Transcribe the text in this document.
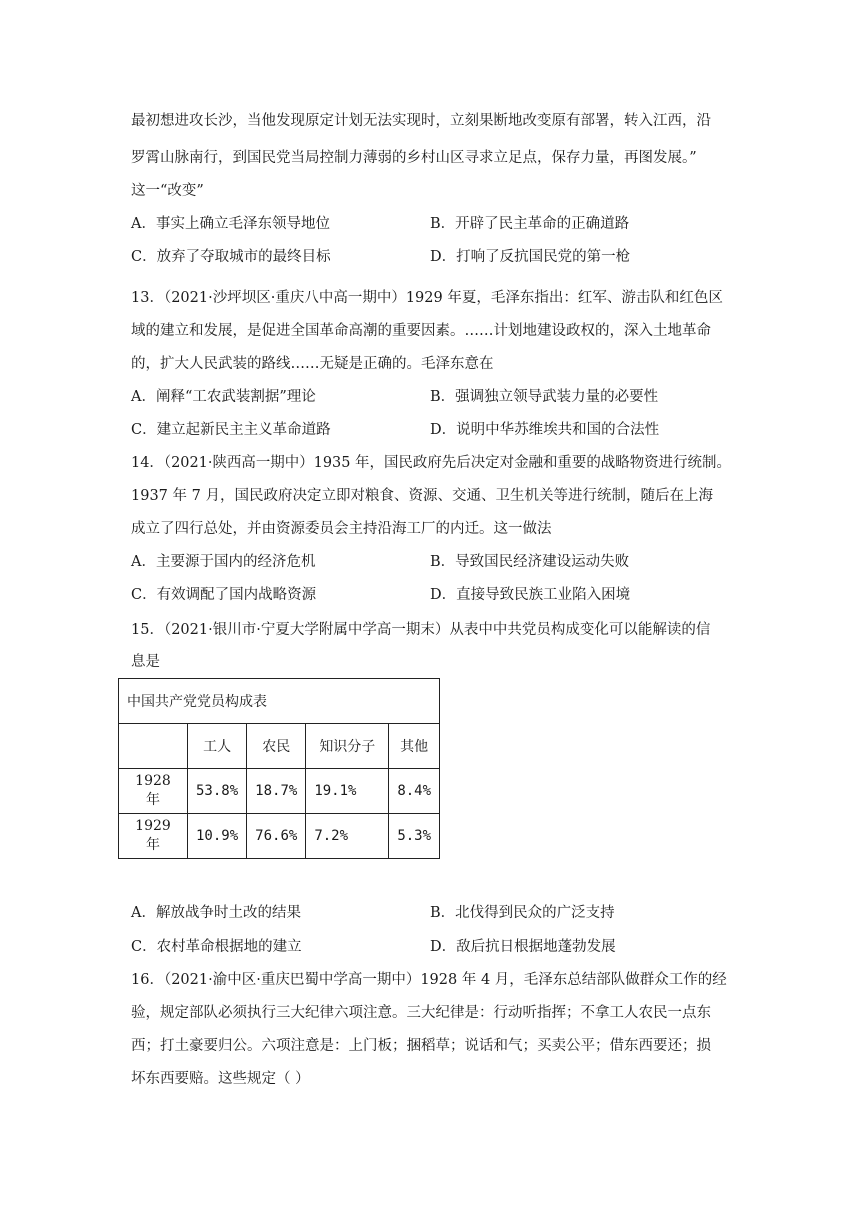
最初想进攻长沙，当他发现原定计划无法实现时，立刻果断地改变原有部署，转入江西，沿
罗霄山脉南行，到国民党当局控制力薄弱的乡村山区寻求立足点，保存力量，再图发展。”
这一“改变”
A．事实上确立毛泽东领导地位	B．开辟了民主革命的正确道路
C．放弃了夺取城市的最终目标	D．打响了反抗国民党的第一枪
13．（2021·沙坪坝区·重庆八中高一期中）1929 年夏，毛泽东指出：红军、游击队和红色区
域的建立和发展，是促进全国革命高潮的重要因素。……计划地建设政权的，深入土地革命
的，扩大人民武装的路线……无疑是正确的。毛泽东意在
A．阐释“工农武装割据”理论	B．强调独立领导武装力量的必要性
C．建立起新民主主义革命道路	D．说明中华苏维埃共和国的合法性
14．（2021·陕西高一期中）1935 年，国民政府先后决定对金融和重要的战略物资进行统制。
1937 年 7 月，国民政府决定立即对粮食、资源、交通、卫生机关等进行统制，随后在上海
成立了四行总处，并由资源委员会主持沿海工厂的内迁。这一做法
A．主要源于国内的经济危机	B．导致国民经济建设运动失败
C．有效调配了国内战略资源	D．直接导致民族工业陷入困境
15．（2021·银川市·宁夏大学附属中学高一期末）从表中中共党员构成变化可以能解读的信
息是
中国共产党党员构成表				
	工人	农民	知识分子	其他
1928 年	53.8%	18.7%	19.1%	8.4%
1929 年	10.9%	76.6%	7.2%	5.3%
A．解放战争时土改的结果	B．北伐得到民众的广泛支持
C．农村革命根据地的建立	D．敌后抗日根据地蓬勃发展
16．（2021·渝中区·重庆巴蜀中学高一期中）1928 年 4 月，毛泽东总结部队做群众工作的经
验，规定部队必须执行三大纪律六项注意。三大纪律是：行动听指挥；不拿工人农民一点东
西；打土豪要归公。六项注意是：上门板；捆稻草；说话和气；买卖公平；借东西要还；损
坏东西要赔。这些规定（ ）
